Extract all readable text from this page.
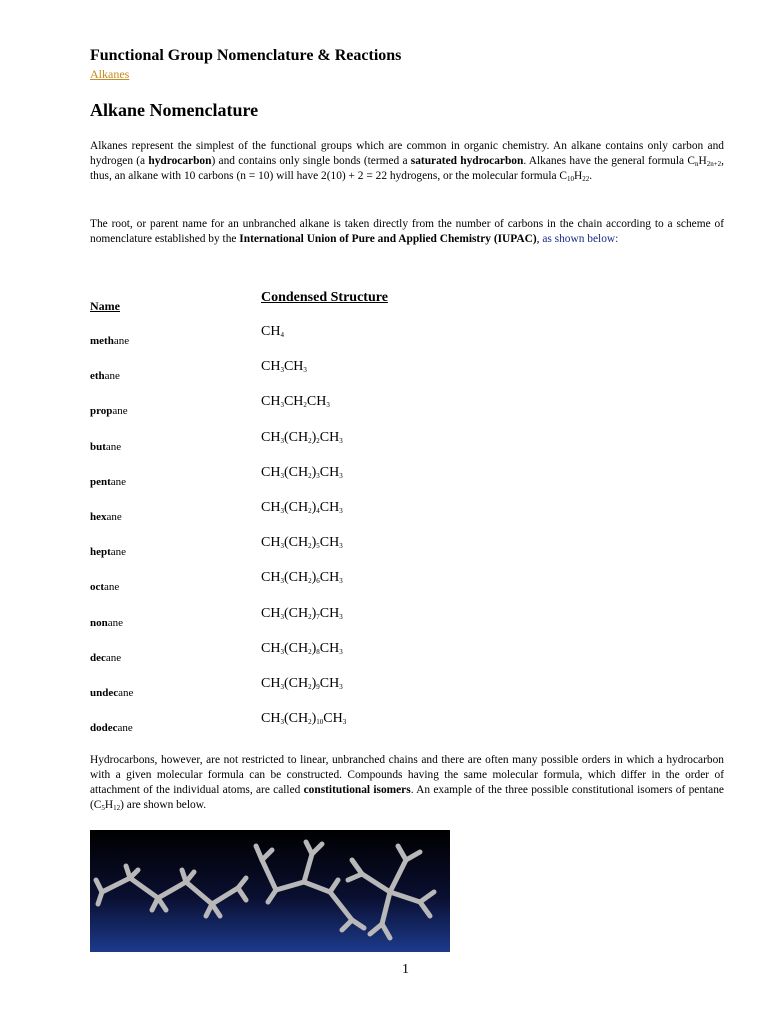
Functional Group Nomenclature & Reactions
Alkanes
Alkane Nomenclature
Alkanes represent the simplest of the functional groups which are common in organic chemistry. An alkane contains only carbon and hydrogen (a hydrocarbon) and contains only single bonds (termed a saturated hydrocarbon. Alkanes have the general formula $C_nH_{2n+2}$, thus, an alkane with 10 carbons (n = 10) will have 2(10) + 2 = 22 hydrogens, or the molecular formula $C_{10}H_{22}$.
The root, or parent name for an unbranched alkane is taken directly from the number of carbons in the chain according to a scheme of nomenclature established by the International Union of Pure and Applied Chemistry (IUPAC), as shown below:
Name
Condensed Structure
methane
$CH_4$
ethane
$CH_3CH_3$
propane
$CH_3CH_2CH_3$
butane
$CH_3(CH_2)_2CH_3$
pentane
$CH_3(CH_2)_3CH_3$
hexane
$CH_3(CH_2)_4CH_3$
heptane
$CH_3(CH_2)_5CH_3$
octane
$CH_3(CH_2)_6CH_3$
nonane
$CH_3(CH_2)_7CH_3$
decane
$CH_3(CH_2)_8CH_3$
undecane
$CH_3(CH_2)_9CH_3$
dodecane
$CH_3(CH_2)_{10}CH_3$
Hydrocarbons, however, are not restricted to linear, unbranched chains and there are often many possible orders in which a hydrocarbon with a given molecular formula can be constructed. Compounds having the same molecular formula, which differ in the order of attachment of the individual atoms, are called constitutional isomers. An example of the three possible constitutional isomers of pentane $(C_5H_{12})$ are shown below.
1
